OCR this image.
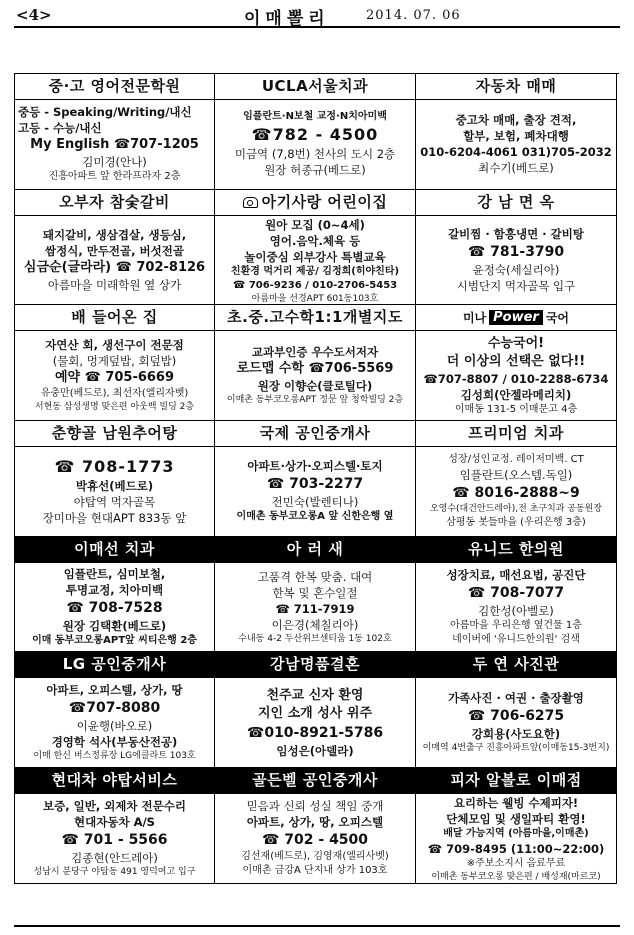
<4>	이매뽈리	2014. 07. 06
중·고 영어전문학원
중등 - Speaking/Writing/내신
고등 - 수능/내신
My English ☎707-1205
김미경(안나)
진흥아파트 앞 한라프라자 2층
UCLA서울치과
임플란트·N보철 교정·N치아미백
☎782 - 4500
미금역 (7,8번) 천사의 도시 2층
원장 허종규(베드로)
자동차 매매
중고차 매매, 출장 견적,
할부, 보험, 폐차대행
010-6204-4061 031)705-2032
최수기(베드로)
오부자 참숯갈비
돼지갈비, 생삼겹살, 생등심,
쌈정식, 만두전골, 버섯전골
심금순(글라라) ☎ 702-8126
아름마을 미래학원 옆 상가
아기사랑 어린이집
원아 모집 (0~4세)
영어.음악.체육 등
놀이중심 외부강사 특별교육
친환경 먹거리 제공/ 김정희(히야친타)
☎ 706-9236 / 010-2706-5453
아름마을 선경APT 601동103호
강 남 면 옥
갈비찜 · 함흥냉면 · 갈비탕
☎ 781-3790
윤정숙(세실리아)
시범단지 먹자골목 입구
배 들어온 집
자연산 회, 생선구이 전문점
(물회, 멍게덮밥, 회덮밥)
예약 ☎ 705-6669
유충만(베드로), 최선자(엘리자벳)
서현동 삼성생명 맞은편 아웃백 빌딩 2층
초.중.고수학1:1개별지도
교과부인증 우수도서저자
로드맵 수학 ☎706-5569
원장 이향순(클로틸다)
이매촌 동부코오롱APT 정문 앞 청학빌딩 2층
미나 Power 국어
수능국어!
더 이상의 선택은 없다!!
☎707-8807 / 010-2288-6734
김성희(안젤라메리치)
이매동 131-5 이매문고 4층
춘향골 남원추어탕
☎ 708-1773
박휴선(베드로)
야탑역 먹자골목
장미마을 현대APT 833동 앞
국제 공인중개사
아파트·상가·오피스텔·토지
☎ 703-2277
전민숙(발렌티나)
이매촌 동부코오롱A 앞 신한은행 옆
프리미엄 치과
성장/성인교정. 레이저미백. CT
임플란트(오스템.독일)
☎ 8016-2888~9
오영수(대건안드레아),전 초구치과 공동원장
삼평동 봇들마을 (우리은행 3층)
이매선 치과
임플란트, 심미보철,
투명교정, 치아미백
☎ 708-7528
원장 김택환(베드로)
이매 동부코오롱APT앞 씨티은행 2층
아 러 새
고품격 한복 맞춤. 대여
한복 및 혼수일절
☎ 711-7919
이은경(체칠리아)
수내동 4-2 두산위브센티움 1동 102호
유니드 한의원
성장치료, 매선요법, 공진단
☎ 708-7077
김한성(아벨로)
아름마을 우리은행 옆건물 1층
네이버에 '유니드한의원' 검색
LG 공인중개사
아파트, 오피스텔, 상가, 땅
☎707-8080
이윤행(바오로)
경영학 석사(부동산전공)
이매 한신 버스정류장 LG에클라트 103호
강남명품결혼
천주교 신자 환영
지인 소개 성사 위주
☎010-8921-5786
임성은(아델라)
두 연 사진관
가족사진 · 여권 · 출장촬영
☎ 706-6275
강희용(사도요한)
이매역 4번출구 진흥아파트앞(이매동15-3번지)
현대차 야탑서비스
보증, 일반, 외제차 전문수리
현대자동차 A/S
☎ 701 - 5566
김종현(안드레아)
성남시 분당구 야탑동 491 영덕여고 입구
골든벨 공인중개사
믿음과 신뢰 성실 책임 중개
아파트, 상가, 땅, 오피스텔
☎ 702 - 4500
김선재(베드로), 김영재(엘리사벳)
이매촌 금강A 단지내 상가 103호
피자 알볼로 이매점
요리하는 웰빙 수제피자!
단체모임 및 생일파티 환영!
배달 가능지역 (아름마을,이매촌)
☎ 709-8495 (11:00~22:00)
※주보소지시 음료무료
이매촌 동부코오롱 맞은편 / 배성재(마르코)
